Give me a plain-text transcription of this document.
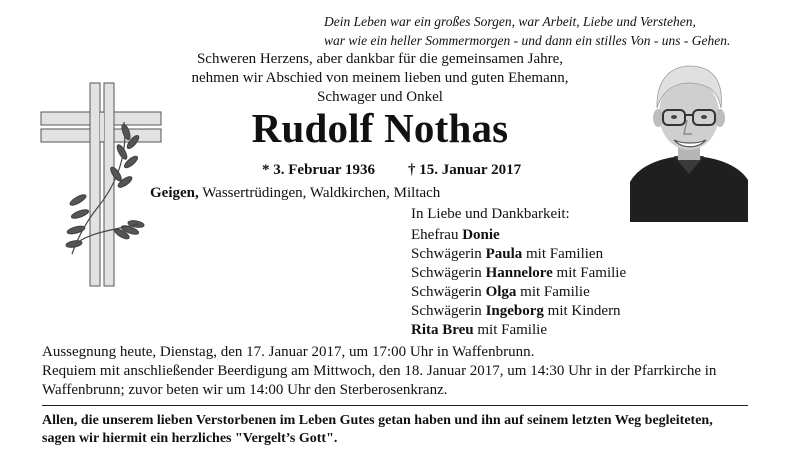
Dein Leben war ein großes Sorgen, war Arbeit, Liebe und Verstehen,
war wie ein heller Sommermorgen - und dann ein stilles Von - uns - Gehen.
Schweren Herzens, aber dankbar für die gemeinsamen Jahre,
nehmen wir Abschied von meinem lieben und guten Ehemann,
Schwager und Onkel
Rudolf Nothas
* 3. Februar 1936 † 15. Januar 2017
Geigen, Wassertrüdingen, Waldkirchen, Miltach
In Liebe und Dankbarkeit:
Ehefrau Donie
Schwägerin Paula mit Familien
Schwägerin Hannelore mit Familie
Schwägerin Olga mit Familie
Schwägerin Ingeborg mit Kindern
Rita Breu mit Familie
Aussegnung heute, Dienstag, den 17. Januar 2017, um 17:00 Uhr in Waffenbrunn.
Requiem mit anschließender Beerdigung am Mittwoch, den 18. Januar 2017, um 14:30 Uhr in der Pfarrkirche in
Waffenbrunn; zuvor beten wir um 14:00 Uhr den Sterberosenkranz.
Allen, die unserem lieben Verstorbenen im Leben Gutes getan haben und ihn auf seinem letzten Weg begleiteten,
sagen wir hiermit ein herzliches "Vergelt’s Gott".
